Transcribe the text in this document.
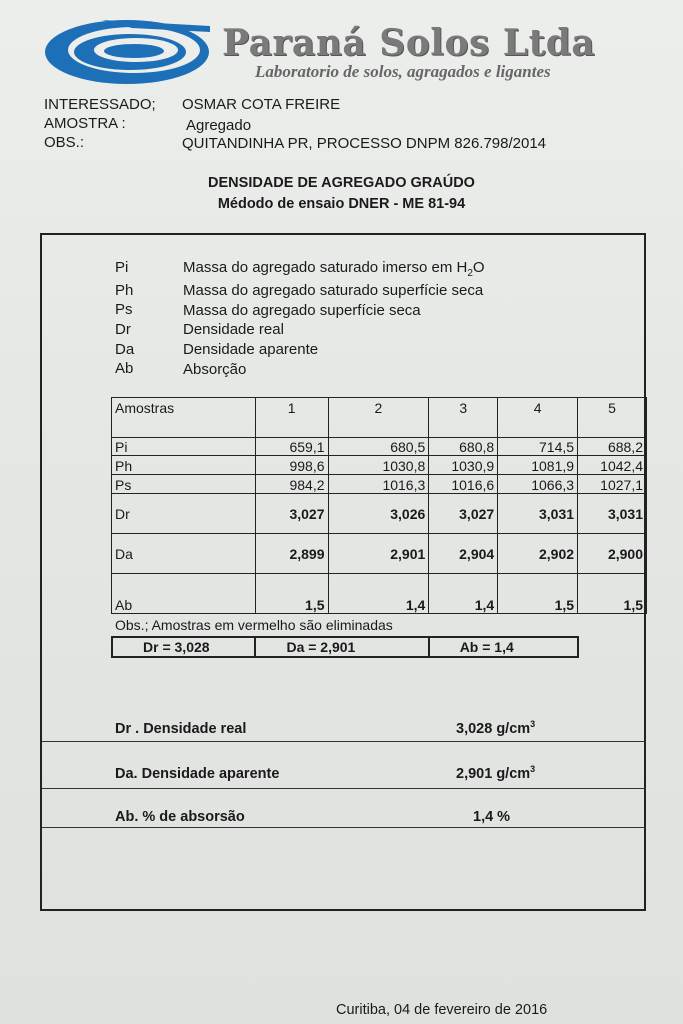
Paraná Solos Ltda
Laboratorio de solos, agragados e ligantes
INTERESSADO; OSMAR COTA FREIRE
AMOSTRA :	Agregado
OBS.:	QUITANDINHA PR, PROCESSO DNPM 826.798/2014
DENSIDADE DE AGREGADO GRAÚDO
Médodo de ensaio DNER - ME 81-94
Pi	Massa do agregado saturado imerso em $H_2O$
Ph	Massa do agregado saturado superfície seca
Ps	Massa do agregado superfície seca
Dr	Densidade real
Da	Densidade aparente
Ab	Absorção
Amostras	1	2	3	4	5
Pi	659,1	680,5	680,8	714,5	688,2
Ph	998,6	1030,8	1030,9	1081,9	1042,4
Ps	984,2	1016,3	1016,6	1066,3	1027,1
Dr	3,027	3,026	3,027	3,031	3,031
Da	2,899	2,901	2,904	2,902	2,900
Ab	1,5	1,4	1,4	1,5	1,5
Obs.; Amostras em vermelho são eliminadas
Dr = 3,028	Da = 2,901	Ab = 1,4
Dr . Densidade real	3,028 $g/cm^3$
Da. Densidade aparente	2,901 $g/cm^3$
Ab. % de absorsão	1,4 %
Curitiba, 04 de fevereiro de 2016
